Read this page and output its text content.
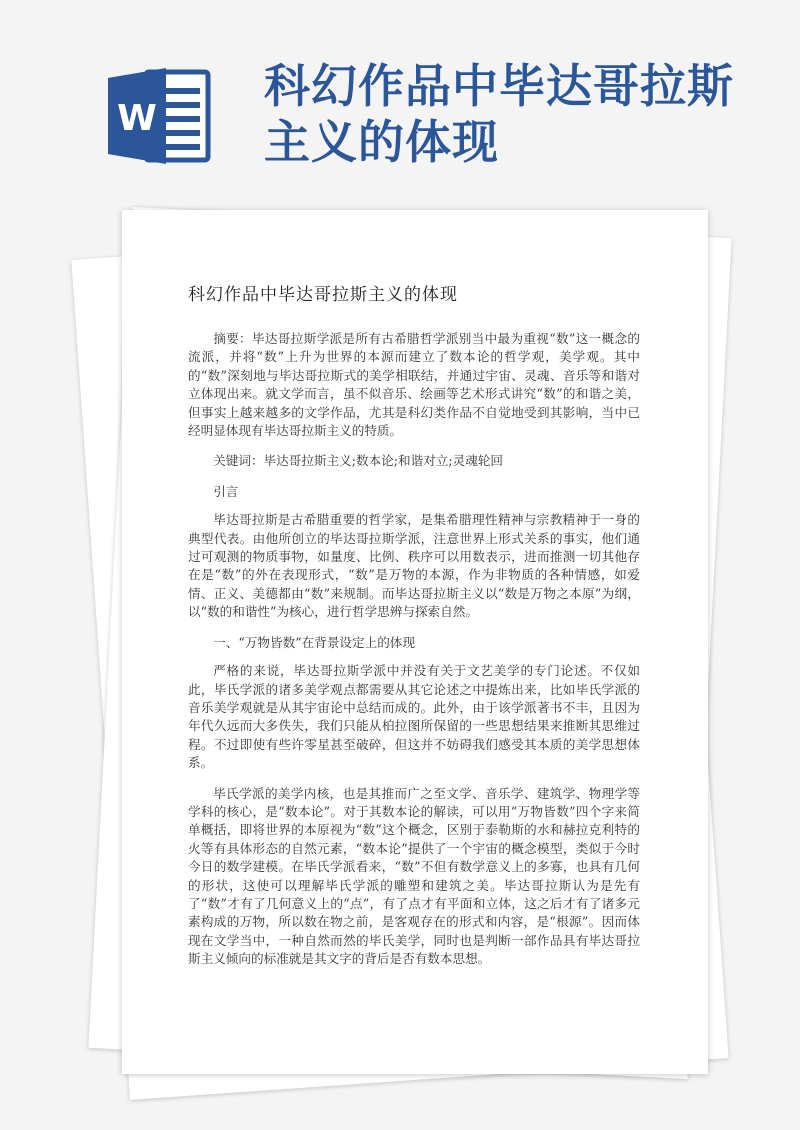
W
科幻作品中毕达哥拉斯主义的体现
科幻作品中毕达哥拉斯主义的体现

摘要：毕达哥拉斯学派是所有古希腊哲学派别当中最为重视“数”这一概念的流派，并将“数”上升为世界的本源而建立了数本论的哲学观，美学观。其中的“数”深刻地与毕达哥拉斯式的美学相联结，并通过宇宙、灵魂、音乐等和谐对立体现出来。就文学而言，虽不似音乐、绘画等艺术形式讲究“数”的和谐之美，但事实上越来越多的文学作品，尤其是科幻类作品不自觉地受到其影响，当中已经明显体现有毕达哥拉斯主义的特质。

关键词：毕达哥拉斯主义;数本论;和谐对立;灵魂轮回

引言

毕达哥拉斯是古希腊重要的哲学家，是集希腊理性精神与宗教精神于一身的典型代表。由他所创立的毕达哥拉斯学派，注意世界上形式关系的事实，他们通过可观测的物质事物，如量度、比例、秩序可以用数表示，进而推测一切其他存在是“数”的外在表现形式，“数”是万物的本源，作为非物质的各种情感，如爱情、正义、美德都由“数”来规制。而毕达哥拉斯主义以“数是万物之本原”为纲，以“数的和谐性”为核心，进行哲学思辨与探索自然。

一、“万物皆数”在背景设定上的体现

严格的来说，毕达哥拉斯学派中并没有关于文艺美学的专门论述。不仅如此，毕氏学派的诸多美学观点都需要从其它论述之中提炼出来，比如毕氏学派的音乐美学观就是从其宇宙论中总结而成的。此外，由于该学派著书不丰，且因为年代久远而大多佚失，我们只能从柏拉图所保留的一些思想结果来推断其思维过程。不过即使有些许零星甚至破碎，但这并不妨碍我们感受其本质的美学思想体系。

毕氏学派的美学内核，也是其推而广之至文学、音乐学、建筑学、物理学等学科的核心，是“数本论”。对于其数本论的解读，可以用“万物皆数”四个字来简单概括，即将世界的本原视为“数”这个概念，区别于泰勒斯的水和赫拉克利特的火等有具体形态的自然元素，“数本论”提供了一个宇宙的概念模型，类似于今时今日的数学建模。在毕氏学派看来，“数”不但有数学意义上的多寡，也具有几何的形状，这使可以理解毕氏学派的雕塑和建筑之美。毕达哥拉斯认为是先有了“数”才有了几何意义上的“点”，有了点才有平面和立体，这之后才有了诸多元素构成的万物，所以数在物之前，是客观存在的形式和内容，是“根源”。因而体现在文学当中，一种自然而然的毕氏美学，同时也是判断一部作品具有毕达哥拉斯主义倾向的标准就是其文字的背后是否有数本思想。
